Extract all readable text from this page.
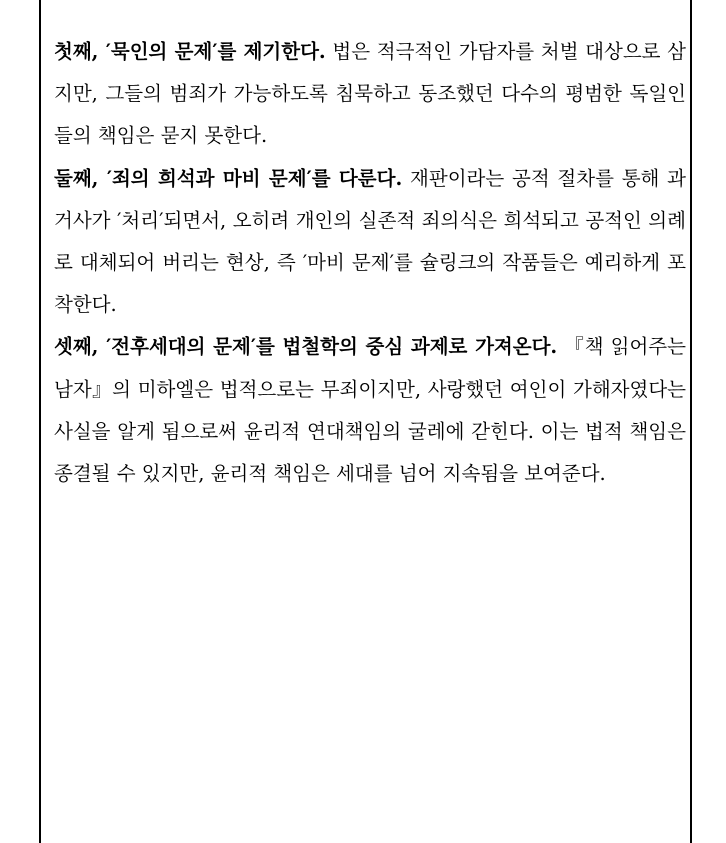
첫째, ′묵인의 문제′를 제기한다. 법은 적극적인 가담자를 처벌 대상으로 삼지만, 그들의 범죄가 가능하도록 침묵하고 동조했던 다수의 평범한 독일인들의 책임은 묻지 못한다.

둘째, ′죄의 희석과 마비 문제′를 다룬다. 재판이라는 공적 절차를 통해 과거사가 ′처리′되면서, 오히려 개인의 실존적 죄의식은 희석되고 공적인 의례로 대체되어 버리는 현상, 즉 ′마비 문제′를 슐링크의 작품들은 예리하게 포착한다.

셋째, ′전후세대의 문제′를 법철학의 중심 과제로 가져온다. 『책 읽어주는 남자』의 미하엘은 법적으로는 무죄이지만, 사랑했던 여인이 가해자였다는 사실을 알게 됨으로써 윤리적 연대책임의 굴레에 갇힌다. 이는 법적 책임은 종결될 수 있지만, 윤리적 책임은 세대를 넘어 지속됨을 보여준다.
